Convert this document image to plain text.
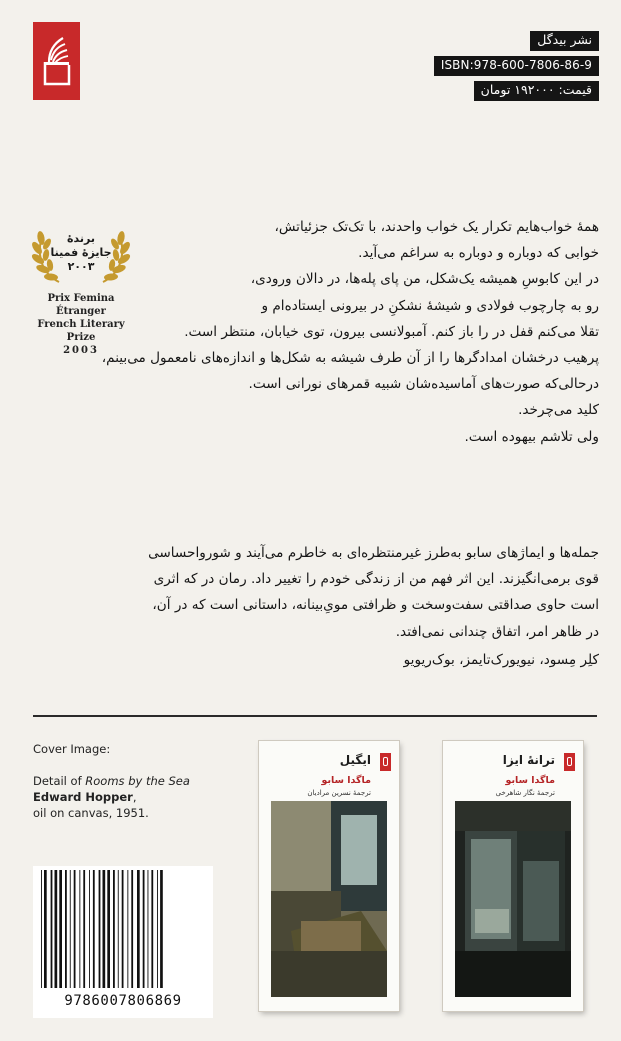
نشر بیدگل
ISBN:978-600-7806-86-9
قیمت: ۱۹۲۰۰۰ تومان
برندهٔ
جایزهٔ فمینا
۲۰۰۳
Prix Femina Étranger
French Literary Prize
2003

همهٔ خواب‌هایم تکرار یک خواب واحدند، با تک‌تک جزئیاتش،

خوابی که دوباره و دوباره به سراغم می‌آید.

در این کابوسِ همیشه یک‌شکل، من پای پله‌ها، در دالان ورودی،

رو به چارچوب فولادی و شیشهٔ نشکنِ در بیرونی ایستاده‌ام و

تقلا می‌کنم قفل در را باز کنم. آمبولانسی بیرون، توی خیابان، منتظر است.

پرهیب درخشان امدادگرها را از آن طرف شیشه به شکل‌ها و اندازه‌های نامعمول می‌بینم،

درحالی‌که صورت‌های آماسیده‌شان شبیه قمرهای نورانی است.

کلید می‌چرخد.

ولی تلاشم بیهوده است.

جمله‌ها و ایماژهای سابو به‌طرز غیرمنتظره‌ای به خاطرم می‌آیند و شوروا‌حساسی

قوی برمی‌انگیزند. این اثر فهم من از زندگی خودم را تغییر داد. رمان در که اثری

است حاوی صداقتی سفت‌وسخت و ظرافتی مویِ‌بینانه، داستانی است که در آن،

در ظاهر امر، اتفاق چندانی نمی‌افتد.

کلِر مِسود، نیویورک‌تایمز، بوک‌ریویو

Cover Image:
Detail of Rooms by the Sea
Edward Hopper,
oil on canvas, 1951.
9786007806869
ایگیل
ماگدا سابو
ترجمهٔ نسرین مرادیان
ترانهٔ ایزا
ماگدا سابو
ترجمهٔ نگار شاهرخی
